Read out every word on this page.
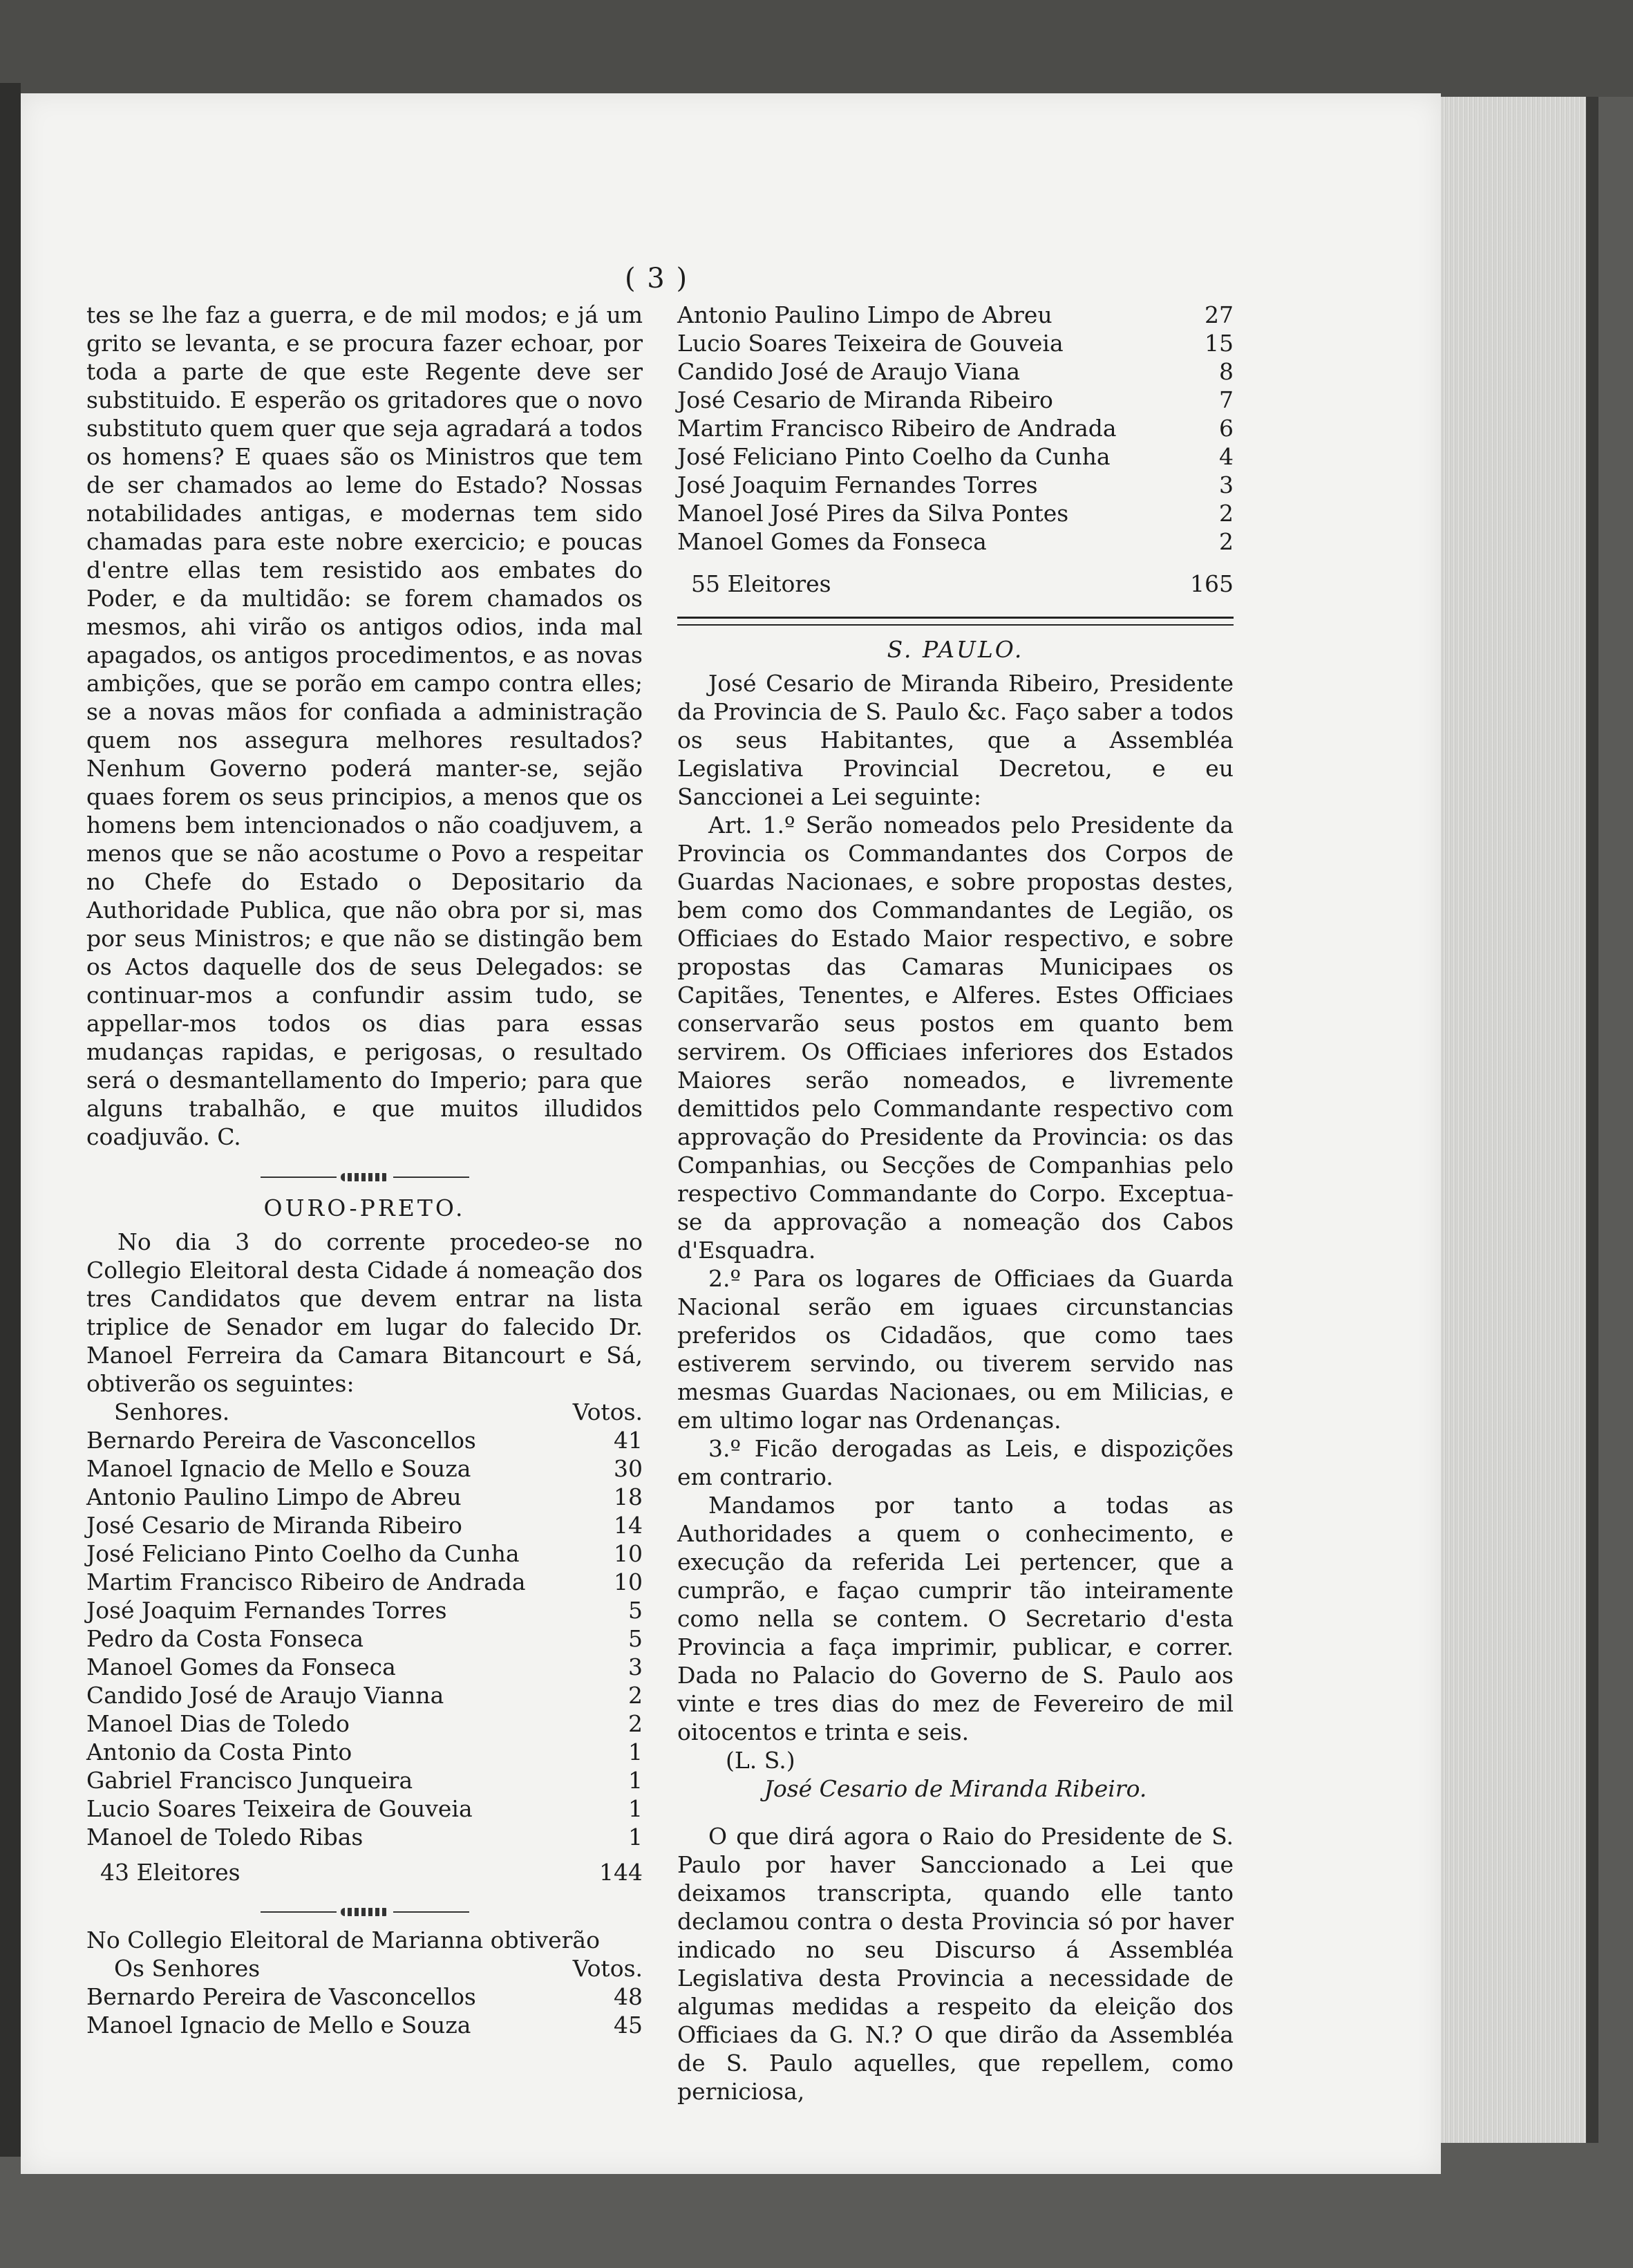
( 3 )

tes se lhe faz a guerra, e de mil modos; e já um grito se levanta, e se procura fazer echoar, por toda a parte de que este Regente deve ser substituido. E esperão os gritadores que o novo substituto quem quer que seja agradará a todos os homens? E quaes são os Ministros que tem de ser chamados ao leme do Estado? Nossas notabilidades antigas, e modernas tem sido chamadas para este nobre exercicio; e poucas d'entre ellas tem resistido aos embates do Poder, e da multidão: se forem chamados os mesmos, ahi virão os antigos odios, inda mal apagados, os antigos procedimentos, e as novas ambições, que se porão em campo contra elles; se a novas mãos for confiada a administração quem nos assegura melhores resultados? Nenhum Governo poderá manter-se, sejão quaes forem os seus principios, a menos que os homens bem intencionados o não coadjuvem, a menos que se não acostume o Povo a respeitar no Chefe do Estado o Depositario da Authoridade Publica, que não obra por si, mas por seus Ministros; e que não se distingão bem os Actos daquelle dos de seus Delegados: se continuar-mos a confundir assim tudo, se appellar-mos todos os dias para essas mudanças rapidas, e perigosas, o resultado será o desmantellamento do Imperio; para que alguns trabalhão, e que muitos illudidos coadjuvão. C.

OURO-PRETO.

No dia 3 do corrente procedeo-se no Collegio Eleitoral desta Cidade á nomeação dos tres Candidatos que devem entrar na lista triplice de Senador em lugar do falecido Dr. Manoel Ferreira da Camara Bitancourt e Sá, obtiverão os seguintes:

Senhores.	Votos.
Bernardo Pereira de Vasconcellos	41
Manoel Ignacio de Mello e Souza	30
Antonio Paulino Limpo de Abreu	18
José Cesario de Miranda Ribeiro	14
José Feliciano Pinto Coelho da Cunha	10
Martim Francisco Ribeiro de Andrada	10
José Joaquim Fernandes Torres	5
Pedro da Costa Fonseca	5
Manoel Gomes da Fonseca	3
Candido José de Araujo Vianna	2
Manoel Dias de Toledo	2
Antonio da Costa Pinto	1
Gabriel Francisco Junqueira	1
Lucio Soares Teixeira de Gouveia	1
Manoel de Toledo Ribas	1
43 Eleitores	144

No Collegio Eleitoral de Marianna obtiverão

Os Senhores	Votos.
Bernardo Pereira de Vasconcellos	48
Manoel Ignacio de Mello e Souza	45
Antonio Paulino Limpo de Abreu	27
Lucio Soares Teixeira de Gouveia	15
Candido José de Araujo Viana	8
José Cesario de Miranda Ribeiro	7
Martim Francisco Ribeiro de Andrada	6
José Feliciano Pinto Coelho da Cunha	4
José Joaquim Fernandes Torres	3
Manoel José Pires da Silva Pontes	2
Manoel Gomes da Fonseca	2
55 Eleitores	165
S. PAULO.

José Cesario de Miranda Ribeiro, Presidente da Provincia de S. Paulo &c. Faço saber a todos os seus Habitantes, que a Assembléa Legislativa Provincial Decretou, e eu Sanccionei a Lei seguinte:

Art. 1.º Serão nomeados pelo Presidente da Provincia os Commandantes dos Corpos de Guardas Nacionaes, e sobre propostas destes, bem como dos Commandantes de Legião, os Officiaes do Estado Maior respectivo, e sobre propostas das Camaras Municipaes os Capitães, Tenentes, e Alferes. Estes Officiaes conservarão seus postos em quanto bem servirem. Os Officiaes inferiores dos Estados Maiores serão nomeados, e livremente demittidos pelo Commandante respectivo com approvação do Presidente da Provincia: os das Companhias, ou Secções de Companhias pelo respectivo Commandante do Corpo. Exceptua-se da approvação a nomeação dos Cabos d'Esquadra.

2.º Para os logares de Officiaes da Guarda Nacional serão em iguaes circunstancias preferidos os Cidadãos, que como taes estiverem servindo, ou tiverem servido nas mesmas Guardas Nacionaes, ou em Milicias, e em ultimo logar nas Ordenanças.

3.º Ficão derogadas as Leis, e dispozições em contrario.

Mandamos por tanto a todas as Authoridades a quem o conhecimento, e execução da referida Lei pertencer, que a cumprão, e façao cumprir tão inteiramente como nella se contem. O Secretario d'esta Provincia a faça imprimir, publicar, e correr. Dada no Palacio do Governo de S. Paulo aos vinte e tres dias do mez de Fevereiro de mil oitocentos e trinta e seis.

(L. S.)
José Cesario de Miranda Ribeiro.

O que dirá agora o Raio do Presidente de S. Paulo por haver Sanccionado a Lei que deixamos transcripta, quando elle tanto declamou contra o desta Provincia só por haver indicado no seu Discurso á Assembléa Legislativa desta Provincia a necessidade de algumas medidas a respeito da eleição dos Officiaes da G. N.? O que dirão da Assembléa de S. Paulo aquelles, que repellem, como perniciosa,
